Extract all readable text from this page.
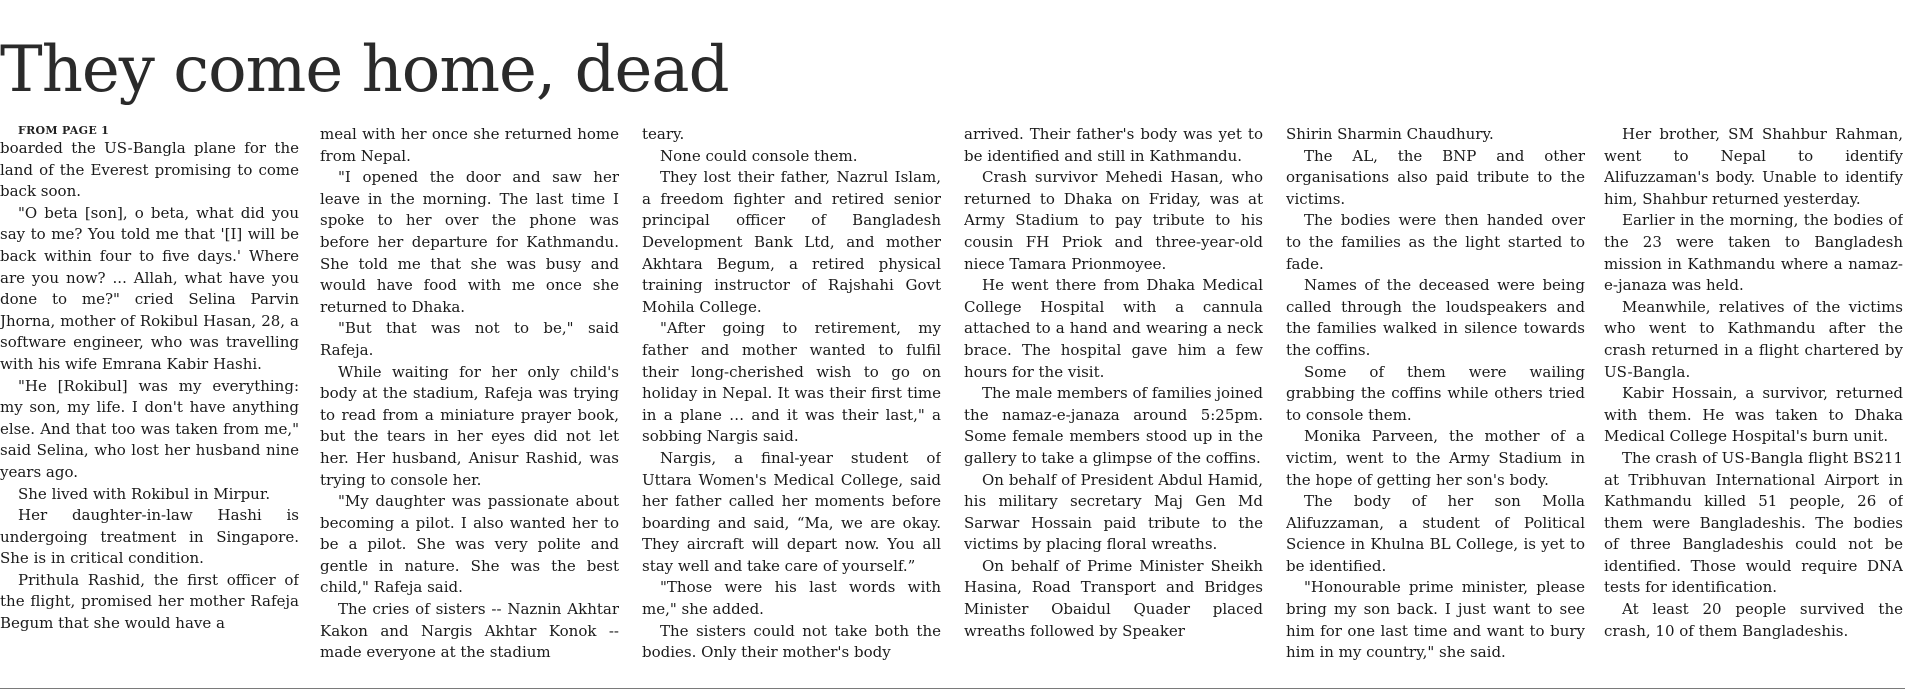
They come home, dead

FROM PAGE 1

boarded the US-Bangla plane for the land of the Everest promising to come back soon.

"O beta [son], o beta, what did you say to me? You told me that '[I] will be back within four to five days.' Where are you now? ... Allah, what have you done to me?" cried Selina Parvin Jhorna, mother of Rokibul Hasan, 28, a software engineer, who was travelling with his wife Emrana Kabir Hashi.

"He [Rokibul] was my everything: my son, my life. I don't have anything else. And that too was taken from me," said Selina, who lost her husband nine years ago.

She lived with Rokibul in Mirpur.

Her daughter-in-law Hashi is undergoing treatment in Singapore. She is in critical condition.

Prithula Rashid, the first officer of the flight, promised her mother Rafeja Begum that she would have a

meal with her once she returned home from Nepal.

"I opened the door and saw her leave in the morning. The last time I spoke to her over the phone was before her departure for Kathmandu. She told me that she was busy and would have food with me once she returned to Dhaka.

"But that was not to be," said Rafeja.

While waiting for her only child's body at the stadium, Rafeja was trying to read from a miniature prayer book, but the tears in her eyes did not let her. Her husband, Anisur Rashid, was trying to console her.

"My daughter was passionate about becoming a pilot. I also wanted her to be a pilot. She was very polite and gentle in nature. She was the best child," Rafeja said.

The cries of sisters -- Naznin Akhtar Kakon and Nargis Akhtar Konok -- made everyone at the stadium

teary.

None could console them.

They lost their father, Nazrul Islam, a freedom fighter and retired senior principal officer of Bangladesh Development Bank Ltd, and mother Akhtara Begum, a retired physical training instructor of Rajshahi Govt Mohila College.

"After going to retirement, my father and mother wanted to fulfil their long-cherished wish to go on holiday in Nepal. It was their first time in a plane … and it was their last," a sobbing Nargis said.

Nargis, a final-year student of Uttara Women's Medical College, said her father called her moments before boarding and said, “Ma, we are okay. They aircraft will depart now. You all stay well and take care of yourself.”

"Those were his last words with me," she added.

The sisters could not take both the bodies. Only their mother's body

arrived. Their father's body was yet to be identified and still in Kathmandu.

Crash survivor Mehedi Hasan, who returned to Dhaka on Friday, was at Army Stadium to pay tribute to his cousin FH Priok and three-year-old niece Tamara Prionmoyee.

He went there from Dhaka Medical College Hospital with a cannula attached to a hand and wearing a neck brace. The hospital gave him a few hours for the visit.

The male members of families joined the namaz-e-janaza around 5:25pm. Some female members stood up in the gallery to take a glimpse of the coffins.

On behalf of President Abdul Hamid, his military secretary Maj Gen Md Sarwar Hossain paid tribute to the victims by placing floral wreaths.

On behalf of Prime Minister Sheikh Hasina, Road Transport and Bridges Minister Obaidul Quader placed wreaths followed by Speaker

Shirin Sharmin Chaudhury.

The AL, the BNP and other organisations also paid tribute to the victims.

The bodies were then handed over to the families as the light started to fade.

Names of the deceased were being called through the loudspeakers and the families walked in silence towards the coffins.

Some of them were wailing grabbing the coffins while others tried to console them.

Monika Parveen, the mother of a victim, went to the Army Stadium in the hope of getting her son's body.

The body of her son Molla Alifuzzaman, a student of Political Science in Khulna BL College, is yet to be identified.

"Honourable prime minister, please bring my son back. I just want to see him for one last time and want to bury him in my country," she said.

Her brother, SM Shahbur Rahman, went to Nepal to identify Alifuzzaman's body. Unable to identify him, Shahbur returned yesterday.

Earlier in the morning, the bodies of the 23 were taken to Bangladesh mission in Kathmandu where a namaz-e-janaza was held.

Meanwhile, relatives of the victims who went to Kathmandu after the crash returned in a flight chartered by US-Bangla.

Kabir Hossain, a survivor, returned with them. He was taken to Dhaka Medical College Hospital's burn unit.

The crash of US-Bangla flight BS211 at Tribhuvan International Airport in Kathmandu killed 51 people, 26 of them were Bangladeshis. The bodies of three Bangladeshis could not be identified. Those would require DNA tests for identification.

At least 20 people survived the crash, 10 of them Bangladeshis.
